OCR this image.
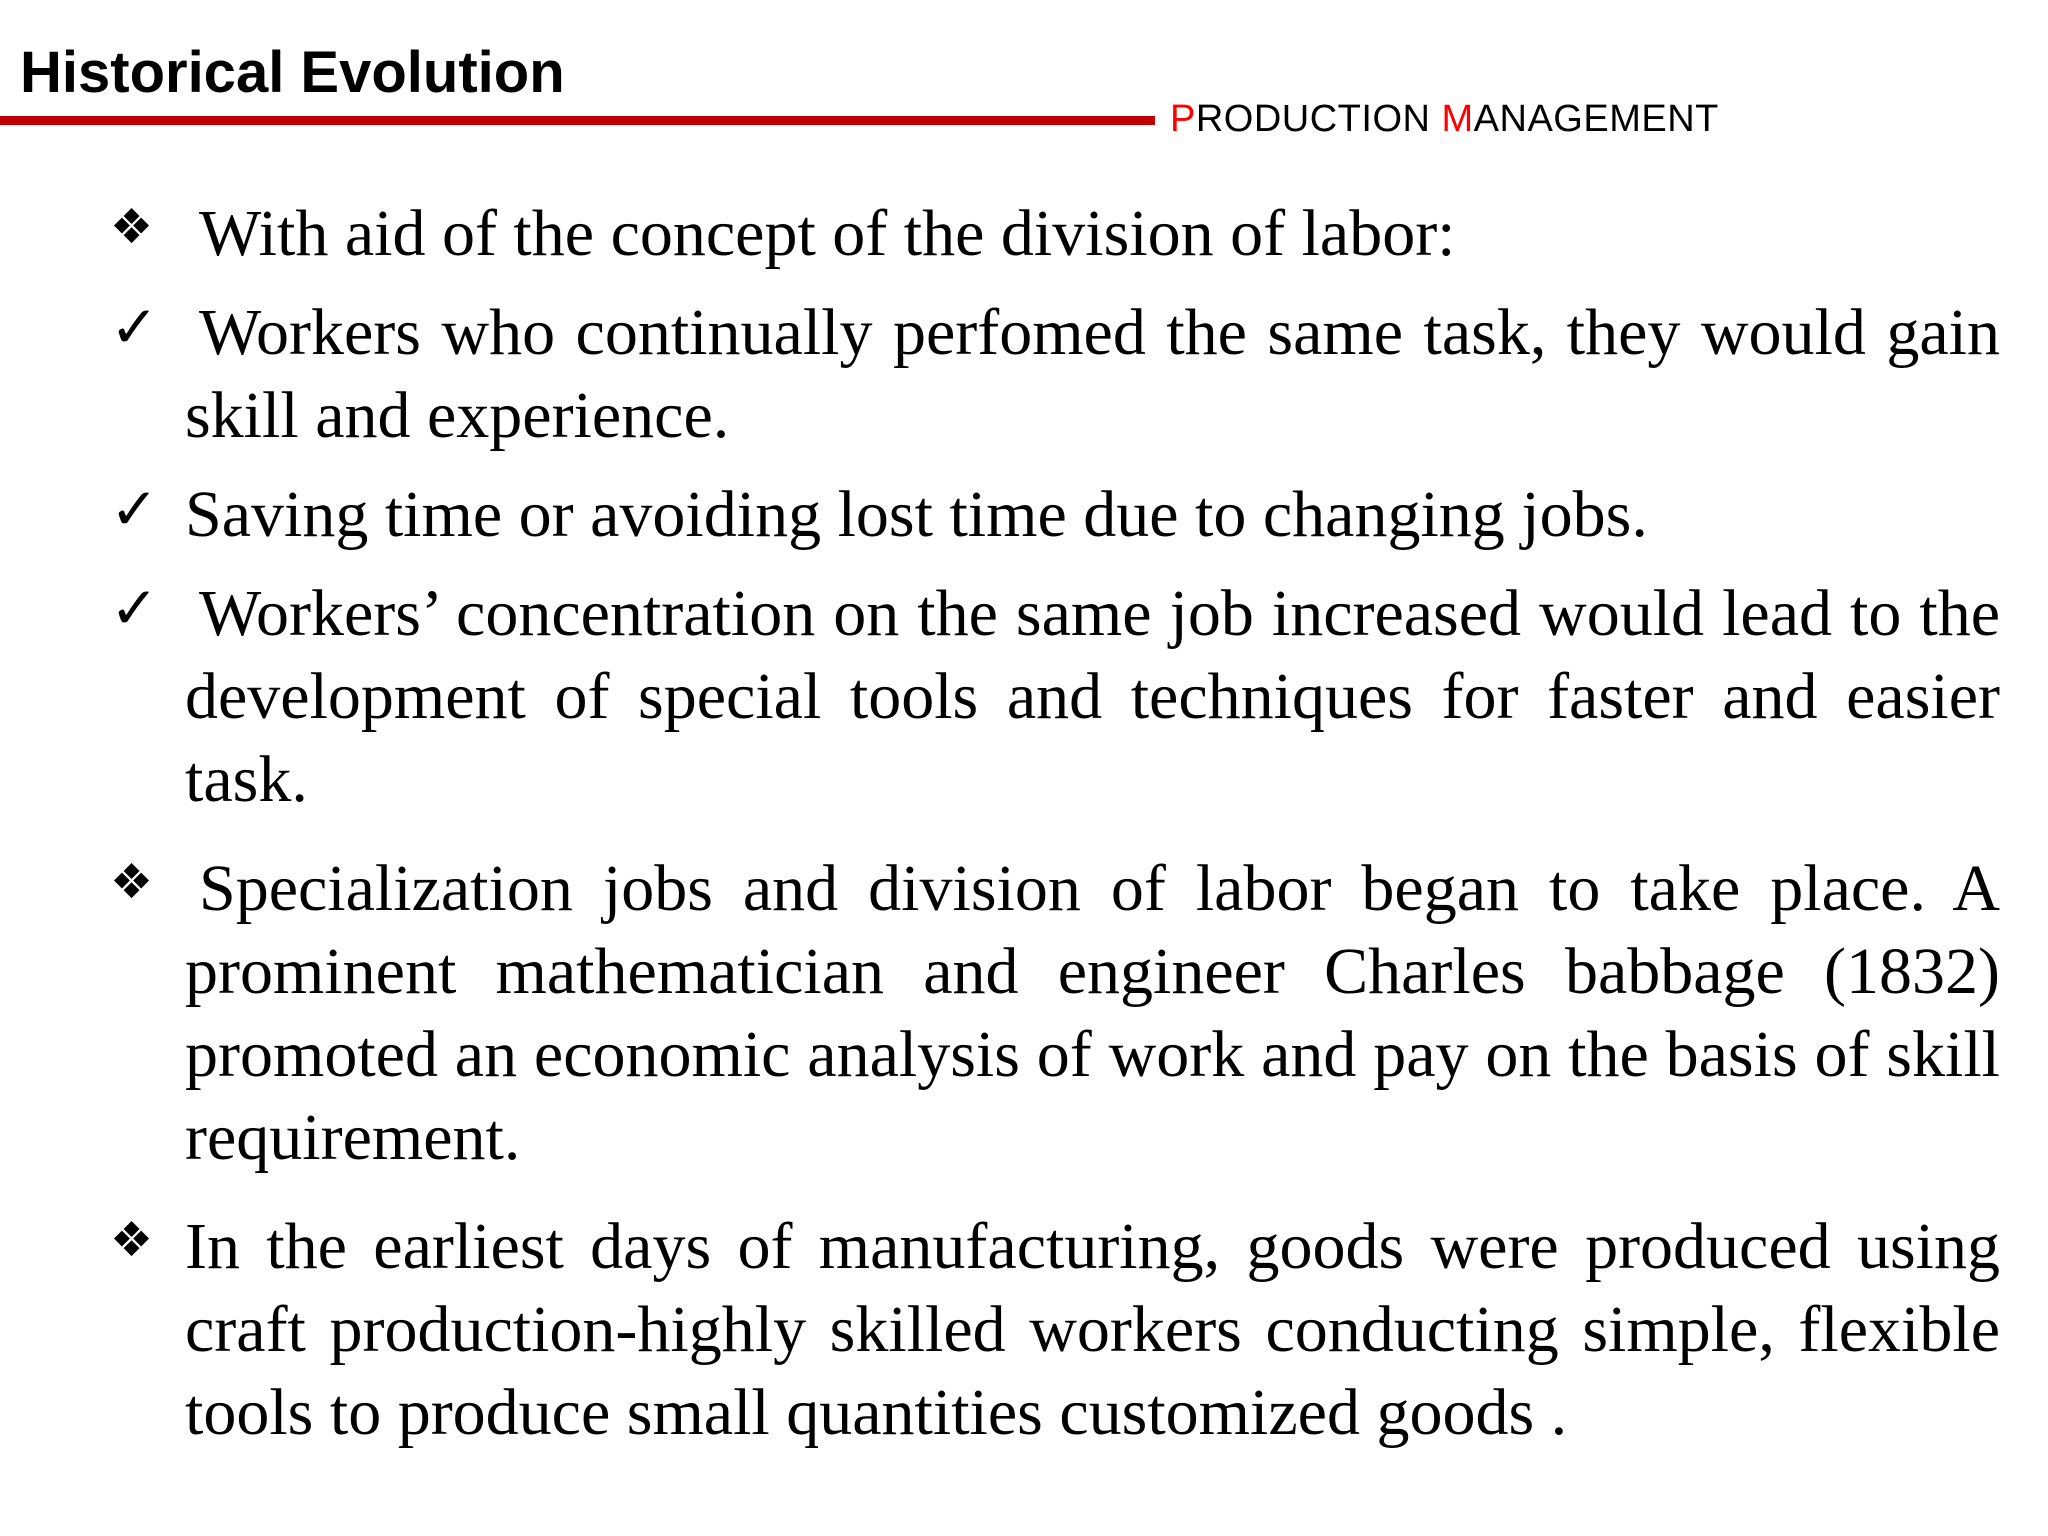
Historical Evolution
PRODUCTION MANAGEMENT
❖ With aid of the concept of the division of labor:
✓ Workers who continually perfomed the same task, they would gain skill and experience.
✓ Saving time or avoiding lost time due to changing jobs.
✓ Workers’ concentration on the same job increased would lead to the development of special tools and techniques for faster and easier task.
❖ Specialization jobs and division of labor began to take place. A prominent mathematician and engineer Charles babbage (1832) promoted an economic analysis of work and pay on the basis of skill requirement.
❖ In the earliest days of manufacturing, goods were produced using craft production-highly skilled workers conducting simple, flexible tools to produce small quantities customized goods .
